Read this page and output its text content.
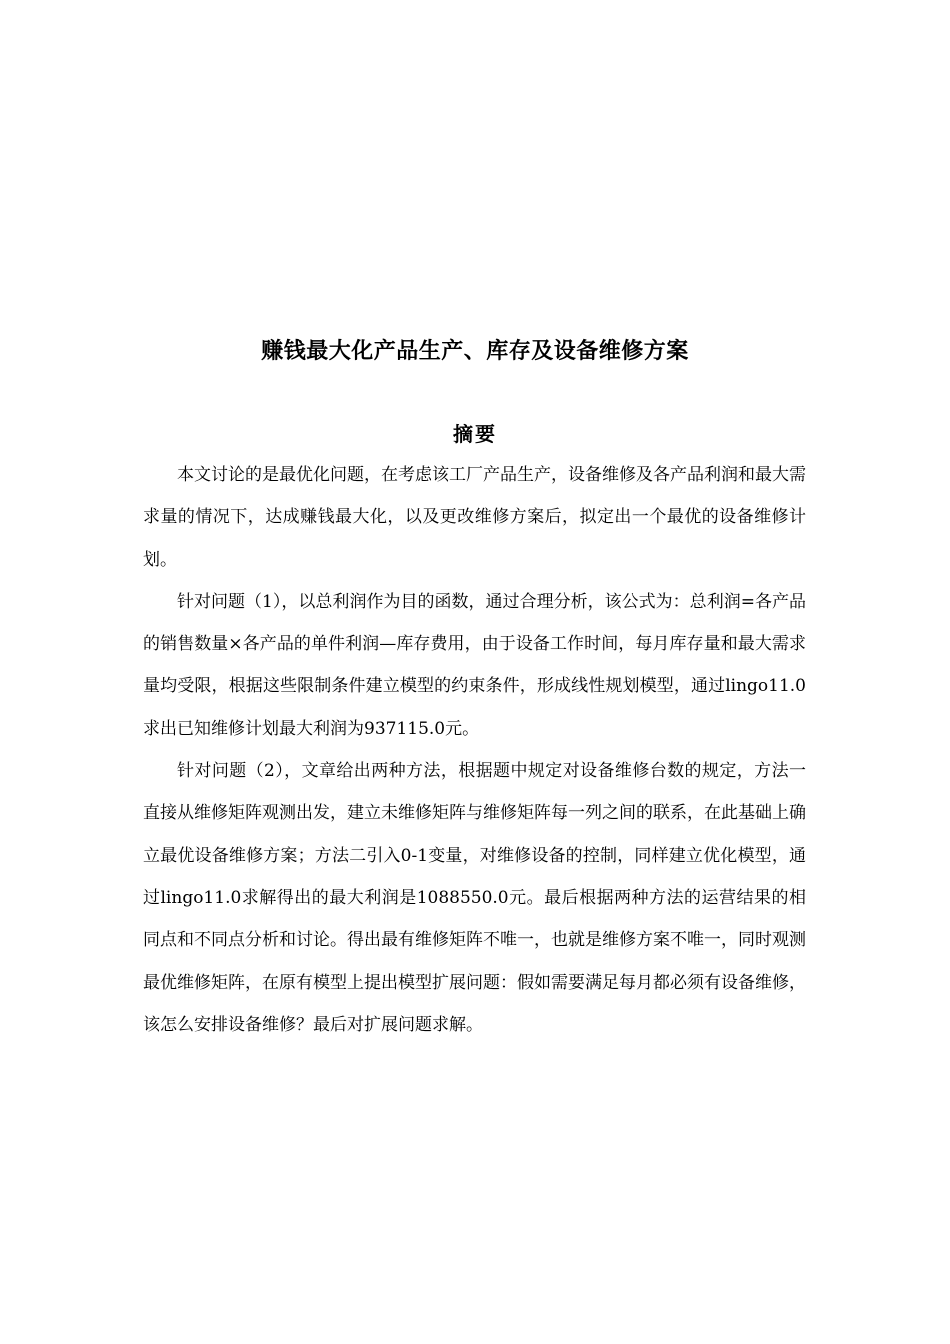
赚钱最大化产品生产、库存及设备维修方案
摘要

本文讨论的是最优化问题，在考虑该工厂产品生产，设备维修及各产品利润和最大需求量的情况下，达成赚钱最大化，以及更改维修方案后，拟定出一个最优的设备维修计划。

针对问题（1），以总利润作为目的函数，通过合理分析，该公式为：总利润=各产品的销售数量×各产品的单件利润—库存费用，由于设备工作时间，每月库存量和最大需求量均受限，根据这些限制条件建立模型的约束条件，形成线性规划模型，通过lingo11.0求出已知维修计划最大利润为937115.0元。

针对问题（2），文章给出两种方法，根据题中规定对设备维修台数的规定，方法一直接从维修矩阵观测出发，建立未维修矩阵与维修矩阵每一列之间的联系，在此基础上确立最优设备维修方案；方法二引入0-1变量，对维修设备的控制，同样建立优化模型，通过lingo11.0求解得出的最大利润是1088550.0元。最后根据两种方法的运营结果的相同点和不同点分析和讨论。得出最有维修矩阵不唯一，也就是维修方案不唯一，同时观测最优维修矩阵，在原有模型上提出模型扩展问题：假如需要满足每月都必须有设备维修，该怎么安排设备维修？最后对扩展问题求解。
